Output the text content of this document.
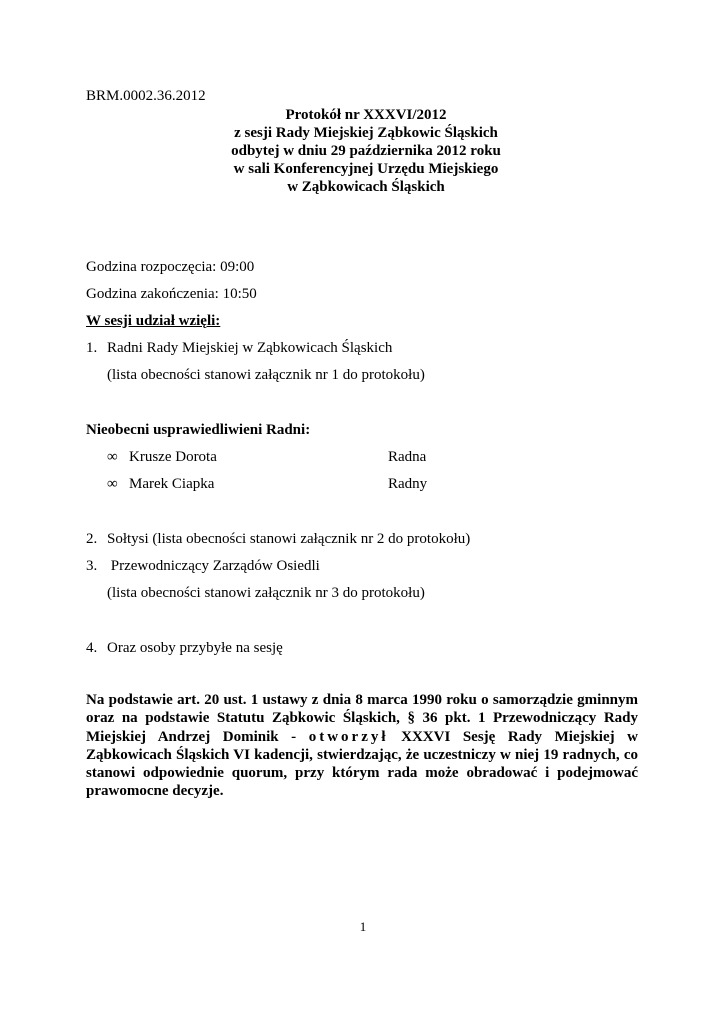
BRM.0002.36.2012
Protokół nr XXXVI/2012
z sesji Rady Miejskiej Ząbkowic Śląskich
odbytej w dniu 29 października 2012 roku
w sali Konferencyjnej Urzędu Miejskiego
w Ząbkowicach Śląskich
Godzina rozpoczęcia: 09:00
Godzina zakończenia: 10:50
W sesji udział wzięli:
1. Radni Rady Miejskiej w Ząbkowicach Śląskich
(lista obecności stanowi załącznik nr 1 do protokołu)
Nieobecni usprawiedliwieni Radni:
∞ Krusze Dorota	Radna
∞ Marek Ciapka	Radny
2. Sołtysi (lista obecności stanowi załącznik nr 2 do protokołu)
3. Przewodniczący Zarządów Osiedli
(lista obecności stanowi załącznik nr 3 do protokołu)
4. Oraz osoby przybyłe na sesję
Na podstawie art. 20 ust. 1 ustawy z dnia 8 marca 1990 roku o samorządzie gminnym oraz na podstawie Statutu Ząbkowic Śląskich, § 36 pkt. 1 Przewodniczący Rady Miejskiej Andrzej Dominik - otworzył XXXVI Sesję Rady Miejskiej w Ząbkowicach Śląskich VI kadencji, stwierdzając, że uczestniczy w niej 19 radnych, co stanowi odpowiednie quorum, przy którym rada może obradować i podejmować prawomocne decyzje.
1
